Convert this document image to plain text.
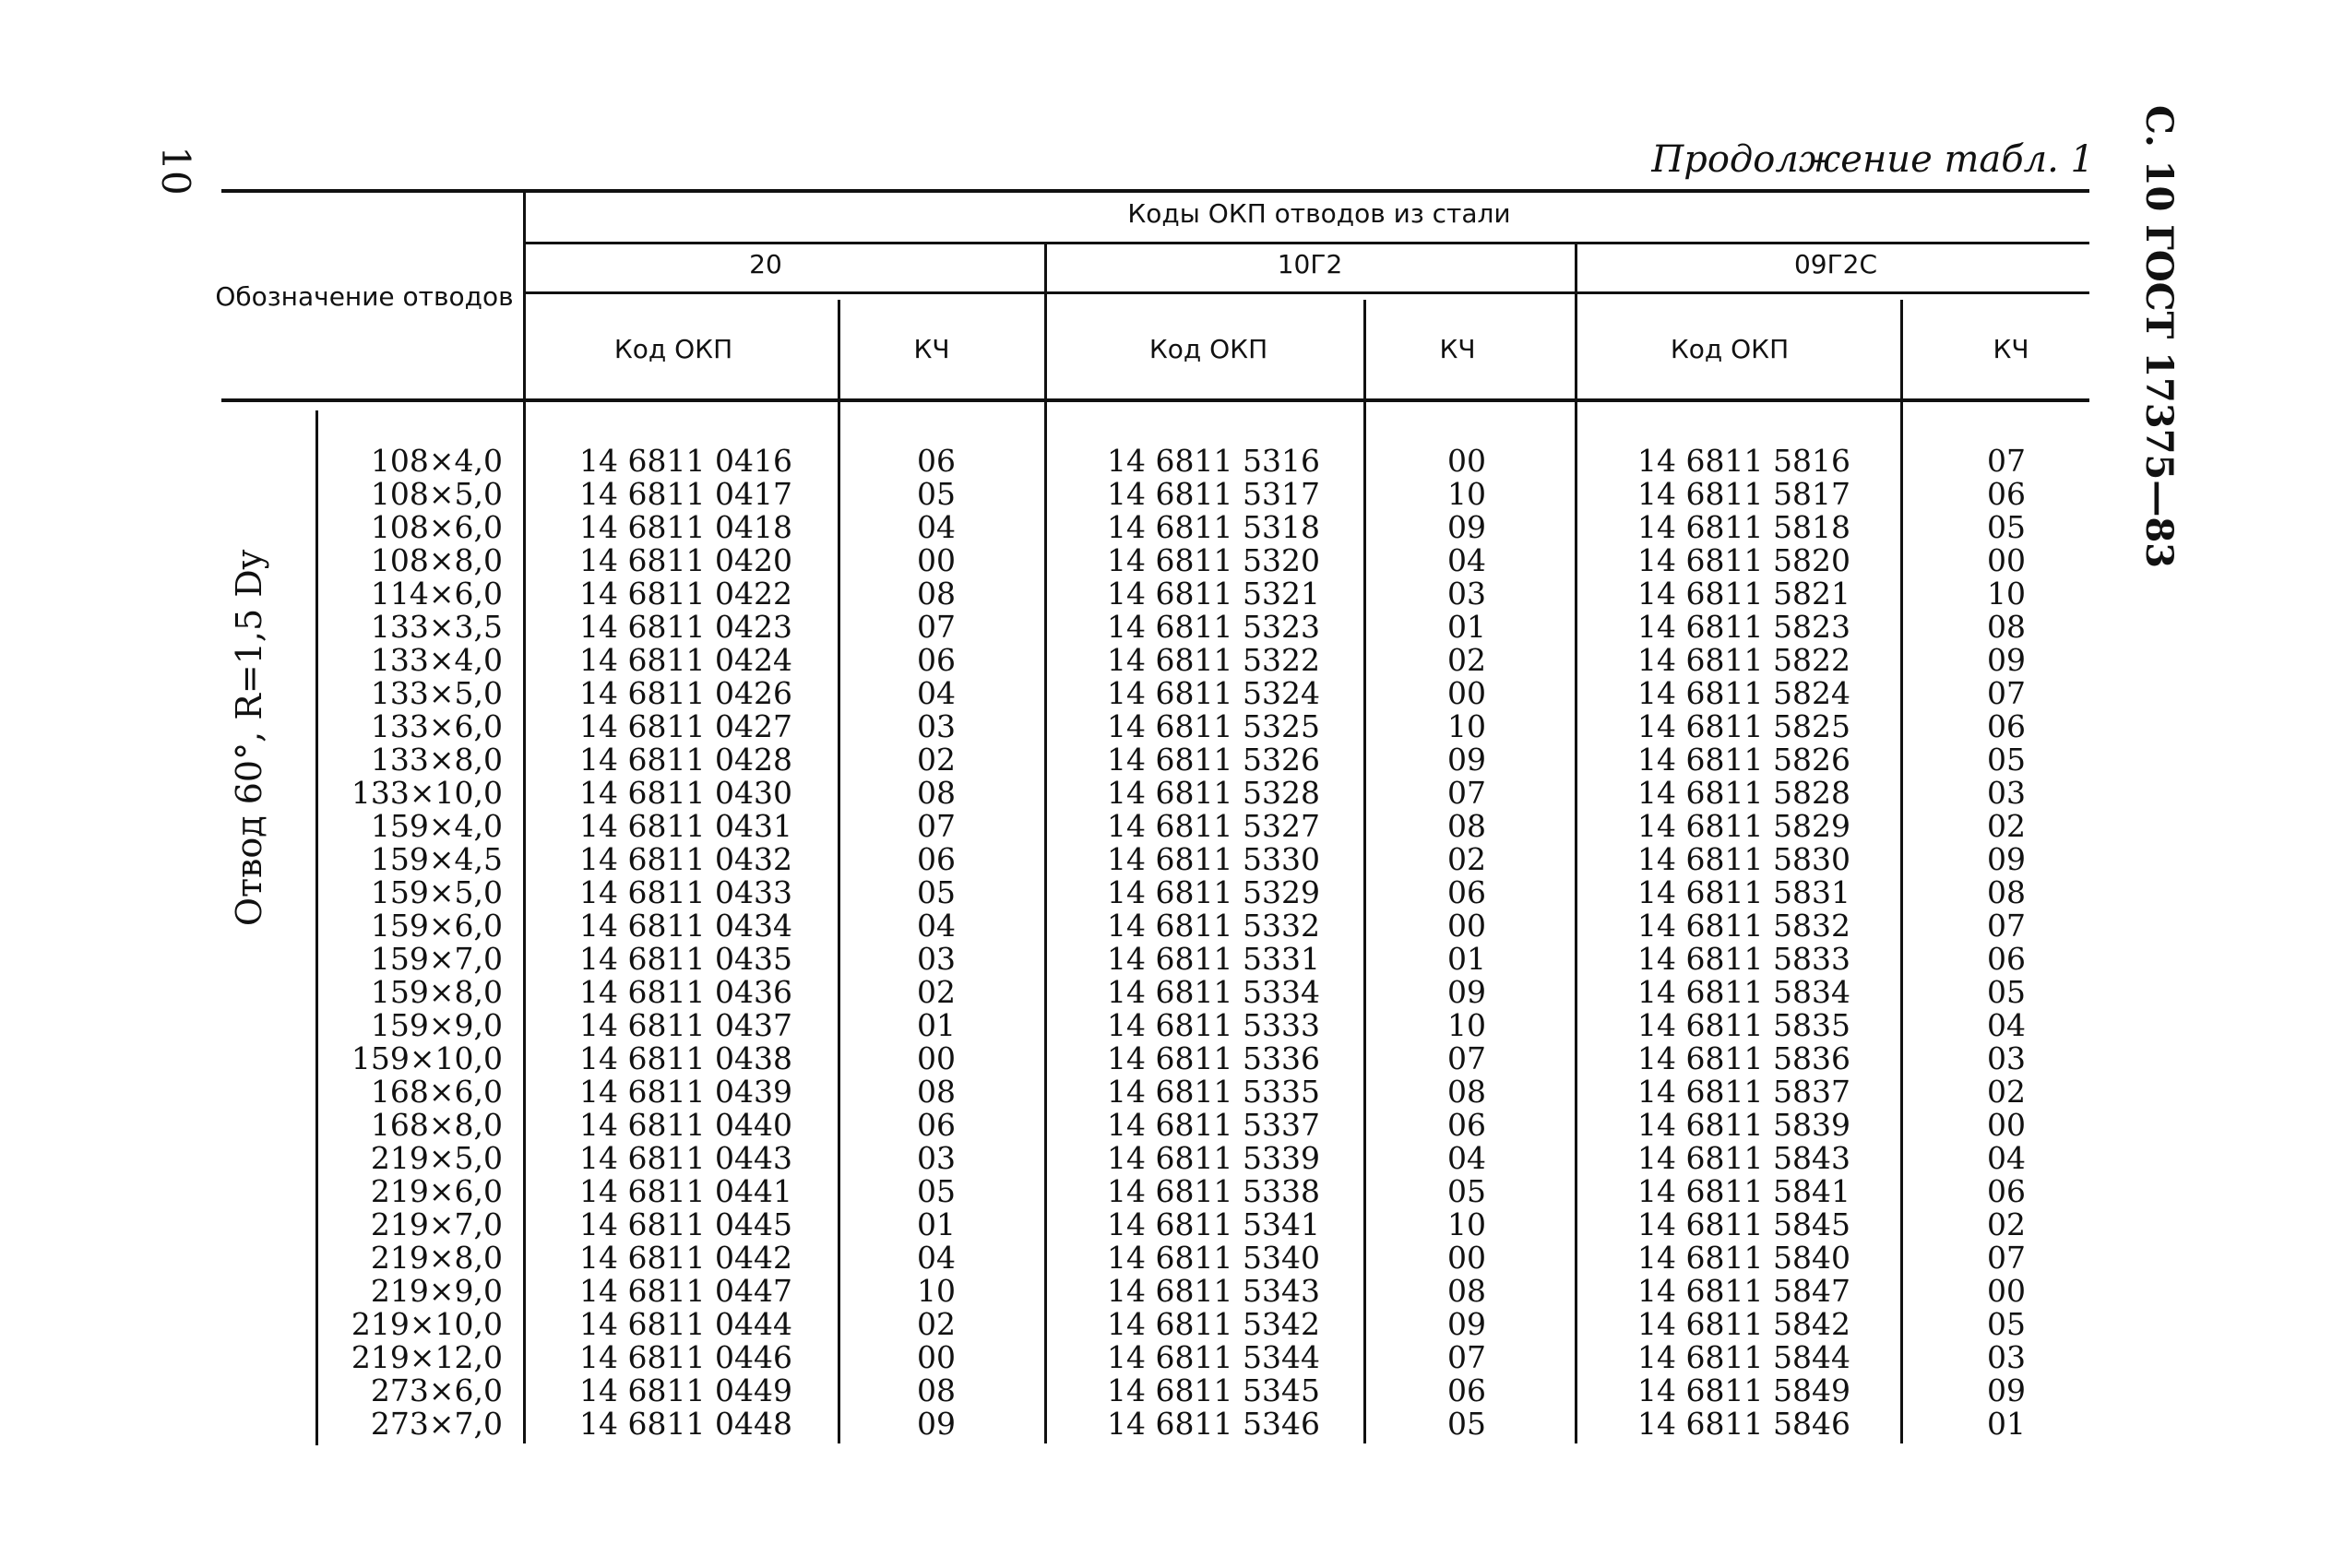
10	Продолжение табл. 1 С. 10 ГОСТ 17375—83
Обозначение отводов
Коды ОКП отводов из стали
20	10Г2	09Г2С
Код ОКП	КЧ	Код ОКП	КЧ	Код ОКП	КЧ
Отвод 60°, R=1,5 Dy
108×4,0	14 6811 0416	06	14 6811 5316	00	14 6811 5816	07
108×5,0	14 6811 0417	05	14 6811 5317	10	14 6811 5817	06
108×6,0	14 6811 0418	04	14 6811 5318	09	14 6811 5818	05
108×8,0	14 6811 0420	00	14 6811 5320	04	14 6811 5820	00
114×6,0	14 6811 0422	08	14 6811 5321	03	14 6811 5821	10
133×3,5	14 6811 0423	07	14 6811 5323	01	14 6811 5823	08
133×4,0	14 6811 0424	06	14 6811 5322	02	14 6811 5822	09
133×5,0	14 6811 0426	04	14 6811 5324	00	14 6811 5824	07
133×6,0	14 6811 0427	03	14 6811 5325	10	14 6811 5825	06
133×8,0	14 6811 0428	02	14 6811 5326	09	14 6811 5826	05
133×10,0	14 6811 0430	08	14 6811 5328	07	14 6811 5828	03
159×4,0	14 6811 0431	07	14 6811 5327	08	14 6811 5829	02
159×4,5	14 6811 0432	06	14 6811 5330	02	14 6811 5830	09
159×5,0	14 6811 0433	05	14 6811 5329	06	14 6811 5831	08
159×6,0	14 6811 0434	04	14 6811 5332	00	14 6811 5832	07
159×7,0	14 6811 0435	03	14 6811 5331	01	14 6811 5833	06
159×8,0	14 6811 0436	02	14 6811 5334	09	14 6811 5834	05
159×9,0	14 6811 0437	01	14 6811 5333	10	14 6811 5835	04
159×10,0	14 6811 0438	00	14 6811 5336	07	14 6811 5836	03
168×6,0	14 6811 0439	08	14 6811 5335	08	14 6811 5837	02
168×8,0	14 6811 0440	06	14 6811 5337	06	14 6811 5839	00
219×5,0	14 6811 0443	03	14 6811 5339	04	14 6811 5843	04
219×6,0	14 6811 0441	05	14 6811 5338	05	14 6811 5841	06
219×7,0	14 6811 0445	01	14 6811 5341	10	14 6811 5845	02
219×8,0	14 6811 0442	04	14 6811 5340	00	14 6811 5840	07
219×9,0	14 6811 0447	10	14 6811 5343	08	14 6811 5847	00
219×10,0	14 6811 0444	02	14 6811 5342	09	14 6811 5842	05
219×12,0	14 6811 0446	00	14 6811 5344	07	14 6811 5844	03
273×6,0	14 6811 0449	08	14 6811 5345	06	14 6811 5849	09
273×7,0	14 6811 0448	09	14 6811 5346	05	14 6811 5846	01
